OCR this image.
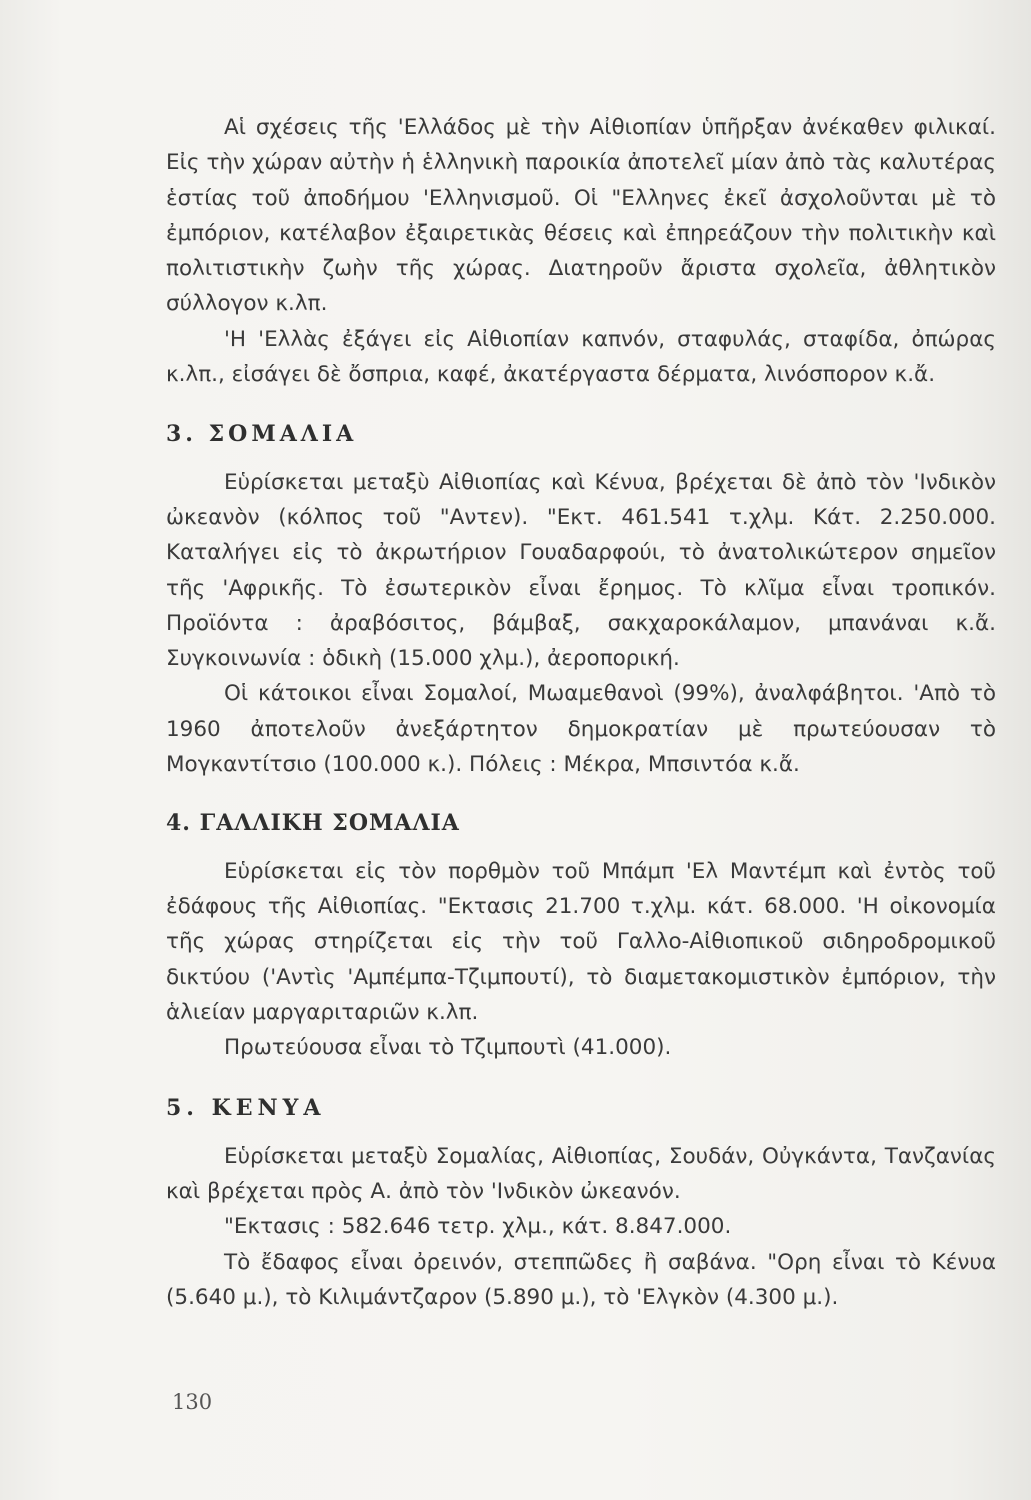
Αἱ σχέσεις τῆς 'Ελλάδος μὲ τὴν Αἰθιοπίαν ὑπῆρξαν ἀνέκαθεν φιλικαί. Εἰς τὴν χώραν αὐτὴν ἡ ἑλληνικὴ παροικία ἀποτελεῖ μίαν ἀπὸ τὰς καλυτέρας ἑστίας τοῦ ἀποδήμου 'Ελληνισμοῦ. Οἱ "Ελληνες ἐκεῖ ἀσχολοῦνται μὲ τὸ ἐμπόριον, κατέλαβον ἐξαιρετικὰς θέσεις καὶ ἐπηρεάζουν τὴν πολιτικὴν καὶ πολιτιστικὴν ζωὴν τῆς χώρας. Διατηροῦν ἄριστα σχολεῖα, ἀθλητικὸν σύλλογον κ.λπ.

'Η 'Ελλὰς ἐξάγει εἰς Αἰθιοπίαν καπνόν, σταφυλάς, σταφίδα, ὀπώρας κ.λπ., εἰσάγει δὲ ὄσπρια, καφέ, ἀκατέργαστα δέρματα, λινόσπορον κ.ἄ.

3. ΣΟΜΑΛΙΑ

Εὑρίσκεται μεταξὺ Αἰθιοπίας καὶ Κένυα, βρέχεται δὲ ἀπὸ τὸν 'Ινδικὸν ὠκεανὸν (κόλπος τοῦ "Αντεν). "Εκτ. 461.541 τ.χλμ. Κάτ. 2.250.000. Καταλήγει εἰς τὸ ἀκρωτήριον Γουαδαρφούι, τὸ ἀνατολικώτερον σημεῖον τῆς 'Αφρικῆς. Τὸ ἐσωτερικὸν εἶναι ἔρημος. Τὸ κλῖμα εἶναι τροπικόν. Προϊόντα : ἀραβόσιτος, βάμβαξ, σακχαροκάλαμον, μπανάναι κ.ἄ. Συγκοινωνία : ὁδικὴ (15.000 χλμ.), ἀεροπορική.

Οἱ κάτοικοι εἶναι Σομαλοί, Μωαμεθανοὶ (99%), ἀναλφάβητοι. 'Απὸ τὸ 1960 ἀποτελοῦν ἀνεξάρτητον δημοκρατίαν μὲ πρωτεύουσαν τὸ Μογκαντίτσιο (100.000 κ.). Πόλεις : Μέκρα, Μπσιντόα κ.ἄ.

4. ΓΑΛΛΙΚΗ ΣΟΜΑΛΙΑ

Εὑρίσκεται εἰς τὸν πορθμὸν τοῦ Μπάμπ 'Ελ Μαντέμπ καὶ ἐντὸς τοῦ ἐδάφους τῆς Αἰθιοπίας. "Εκτασις 21.700 τ.χλμ. κάτ. 68.000. 'Η οἰκονομία τῆς χώρας στηρίζεται εἰς τὴν τοῦ Γαλλο-Αἰθιοπικοῦ σιδηροδρομικοῦ δικτύου ('Αντὶς 'Αμπέμπα-Τζιμπουτί), τὸ διαμετακομιστικὸν ἐμπόριον, τὴν ἁλιείαν μαργαριταριῶν κ.λπ.

Πρωτεύουσα εἶναι τὸ Τζιμπουτὶ (41.000).

5. ΚΕΝΥΑ

Εὑρίσκεται μεταξὺ Σομαλίας, Αἰθιοπίας, Σουδάν, Οὐγκάντα, Τανζανίας καὶ βρέχεται πρὸς Α. ἀπὸ τὸν 'Ινδικὸν ὠκεανόν.

"Εκτασις : 582.646 τετρ. χλμ., κάτ. 8.847.000.

Τὸ ἔδαφος εἶναι ὀρεινόν, στεππῶδες ἢ σαβάνα. "Ορη εἶναι τὸ Κένυα (5.640 μ.), τὸ Κιλιμάντζαρον (5.890 μ.), τὸ 'Ελγκὸν (4.300 μ.).

130
